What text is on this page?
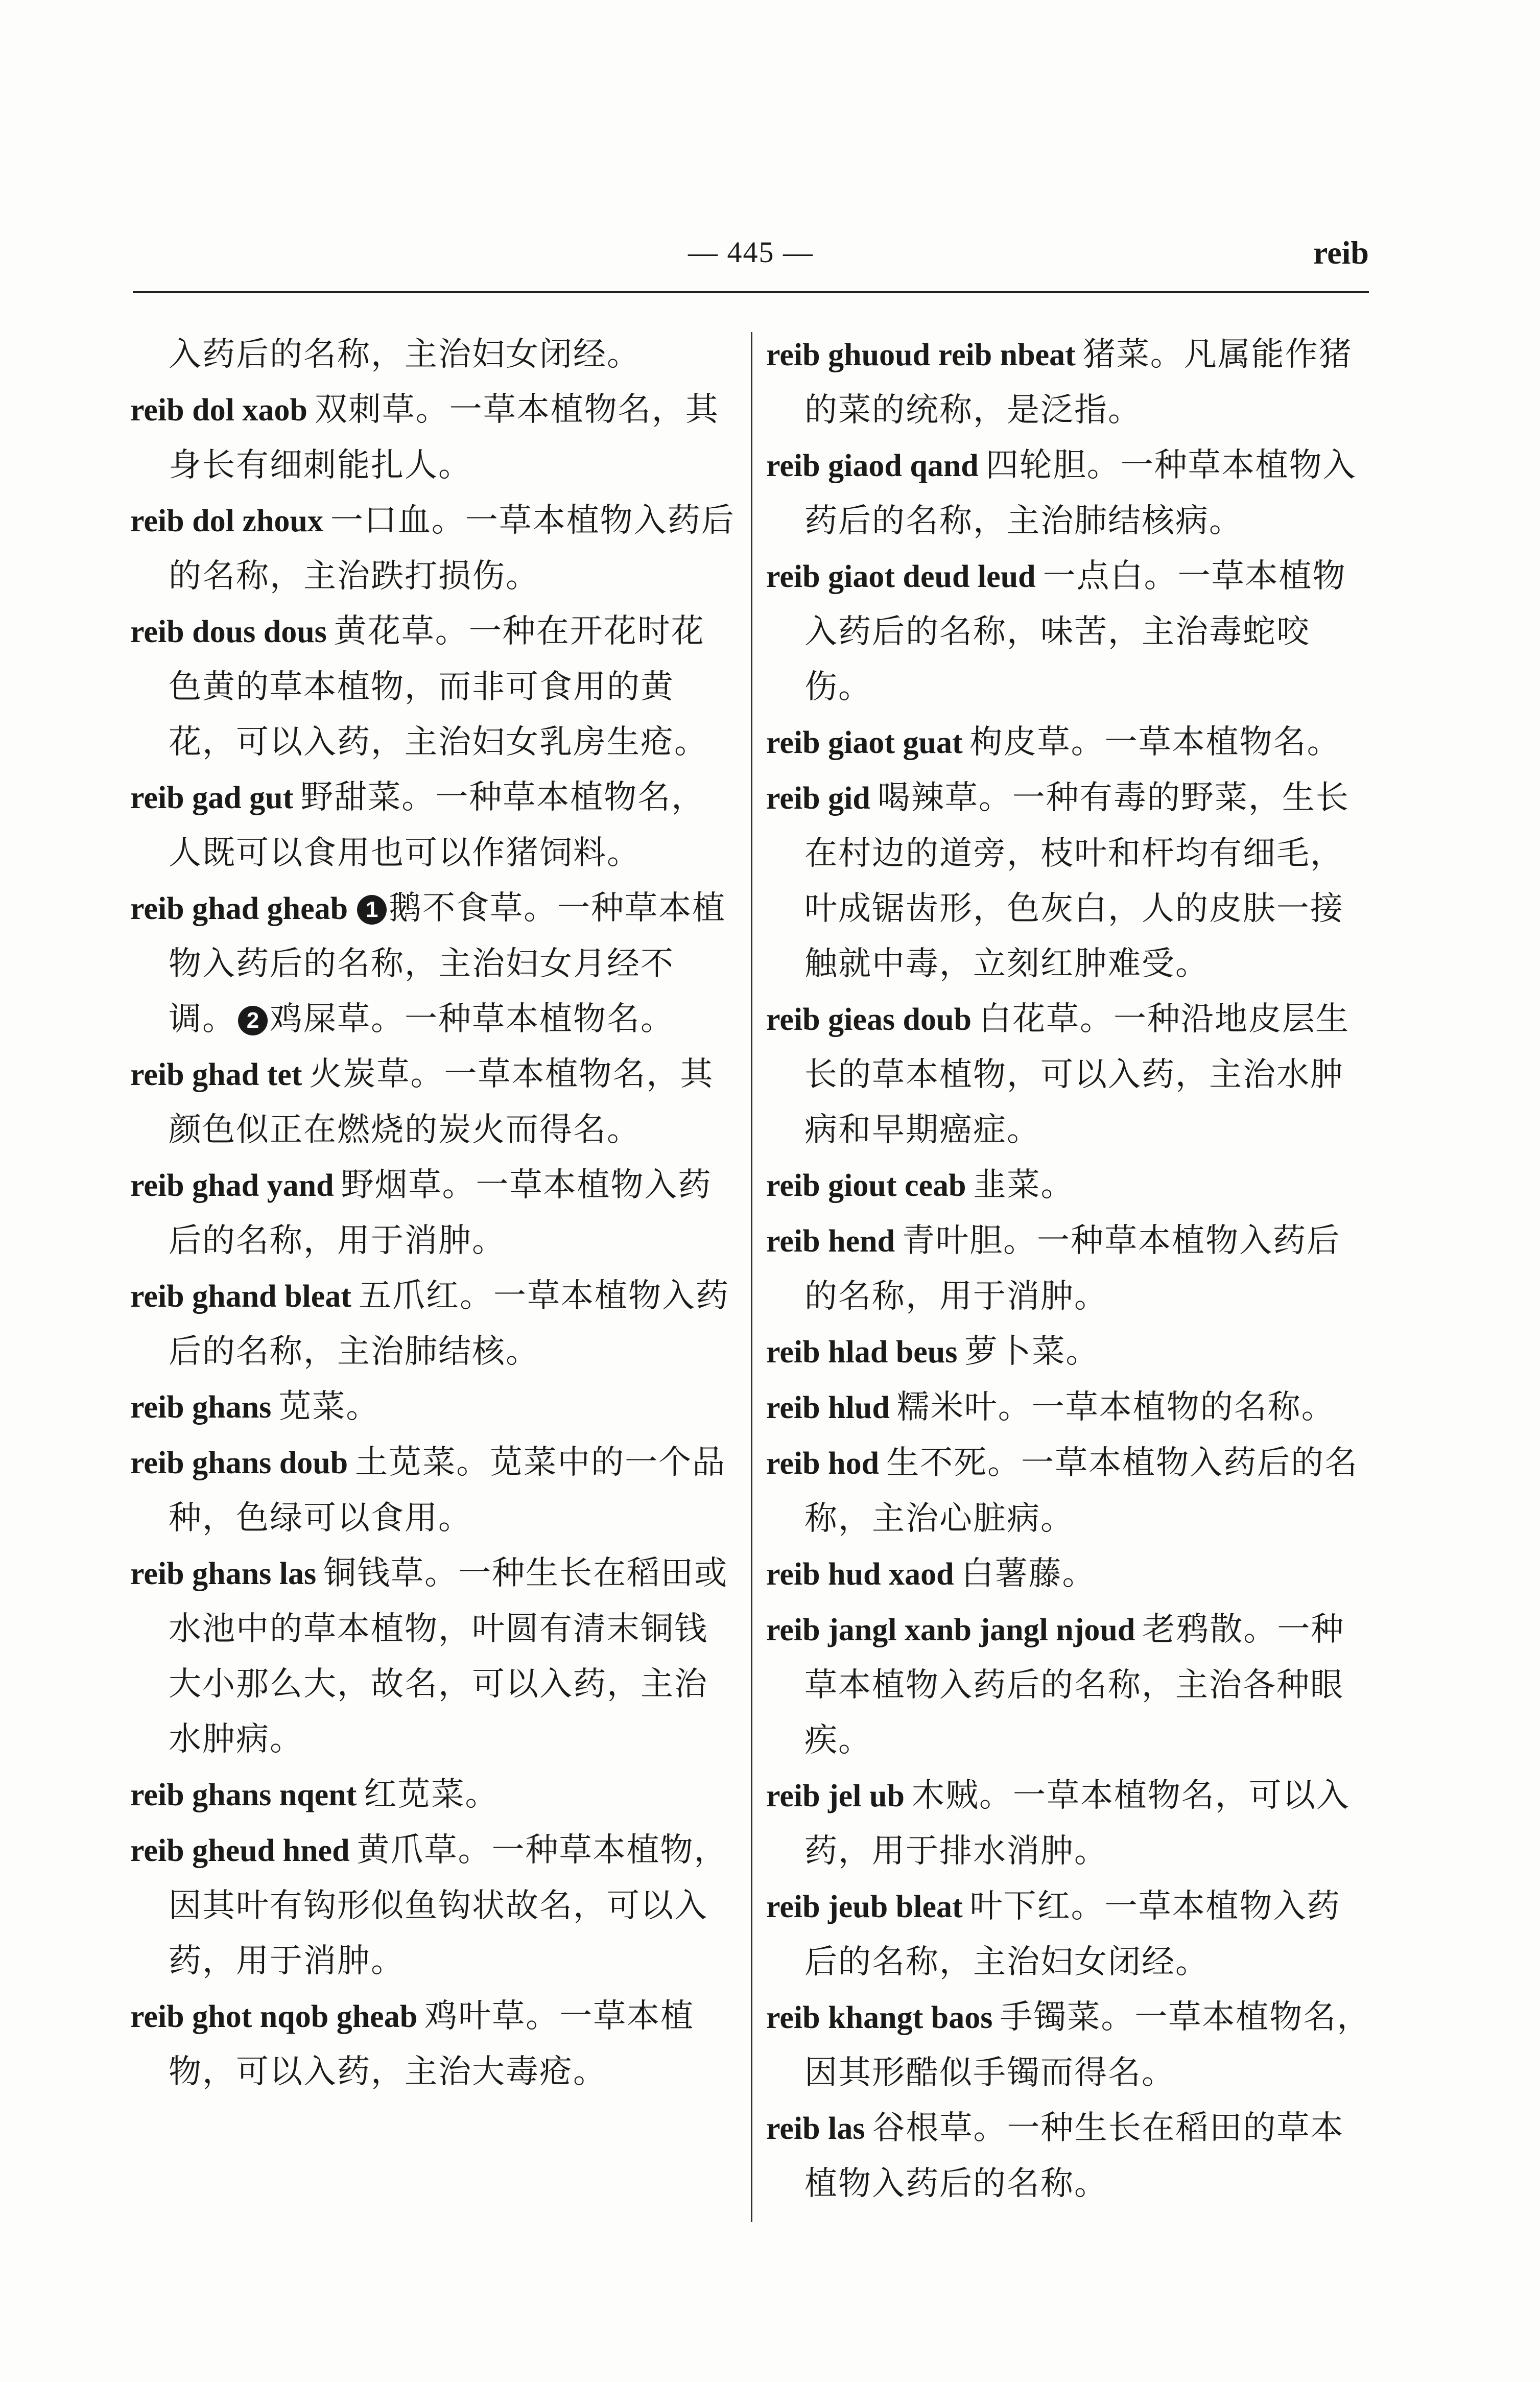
— 445 —	reib

入药后的名称，主治妇女闭经。

reib dol xaob 双刺草。一草本植物名，其身长有细刺能扎人。

reib dol zhoux 一口血。一草本植物入药后的名称，主治跌打损伤。

reib dous dous 黄花草。一种在开花时花色黄的草本植物，而非可食用的黄花，可以入药，主治妇女乳房生疮。

reib gad gut 野甜菜。一种草本植物名，人既可以食用也可以作猪饲料。

reib ghad gheab 1 鹅不食草。一种草本植物入药后的名称，主治妇女月经不调。 2 鸡屎草。一种草本植物名。

reib ghad tet 火炭草。一草本植物名，其颜色似正在燃烧的炭火而得名。

reib ghad yand 野烟草。一草本植物入药后的名称，用于消肿。

reib ghand bleat 五爪红。一草本植物入药后的名称，主治肺结核。

reib ghans 苋菜。

reib ghans doub 土苋菜。苋菜中的一个品种，色绿可以食用。

reib ghans las 铜钱草。一种生长在稻田或水池中的草本植物，叶圆有清末铜钱大小那么大，故名，可以入药，主治水肿病。

reib ghans nqent 红苋菜。

reib gheud hned 黄爪草。一种草本植物，因其叶有钩形似鱼钩状故名，可以入药，用于消肿。

reib ghot nqob gheab 鸡叶草。一草本植物，可以入药，主治大毒疮。

reib ghuoud reib nbeat 猪菜。凡属能作猪的菜的统称，是泛指。

reib giaod qand 四轮胆。一种草本植物入药后的名称，主治肺结核病。

reib giaot deud leud 一点白。一草本植物入药后的名称，味苦，主治毒蛇咬伤。

reib giaot guat 枸皮草。一草本植物名。

reib gid 喝辣草。一种有毒的野菜，生长在村边的道旁，枝叶和杆均有细毛，叶成锯齿形，色灰白，人的皮肤一接触就中毒，立刻红肿难受。

reib gieas doub 白花草。一种沿地皮层生长的草本植物，可以入药，主治水肿病和早期癌症。

reib giout ceab 韭菜。

reib hend 青叶胆。一种草本植物入药后的名称，用于消肿。

reib hlad beus 萝卜菜。

reib hlud 糯米叶。一草本植物的名称。

reib hod 生不死。一草本植物入药后的名称，主治心脏病。

reib hud xaod 白薯藤。

reib jangl xanb jangl njoud 老鸦散。一种草本植物入药后的名称，主治各种眼疾。

reib jel ub 木贼。一草本植物名，可以入药，用于排水消肿。

reib jeub bleat 叶下红。一草本植物入药后的名称，主治妇女闭经。

reib khangt baos 手镯菜。一草本植物名，因其形酷似手镯而得名。

reib las 谷根草。一种生长在稻田的草本植物入药后的名称。
